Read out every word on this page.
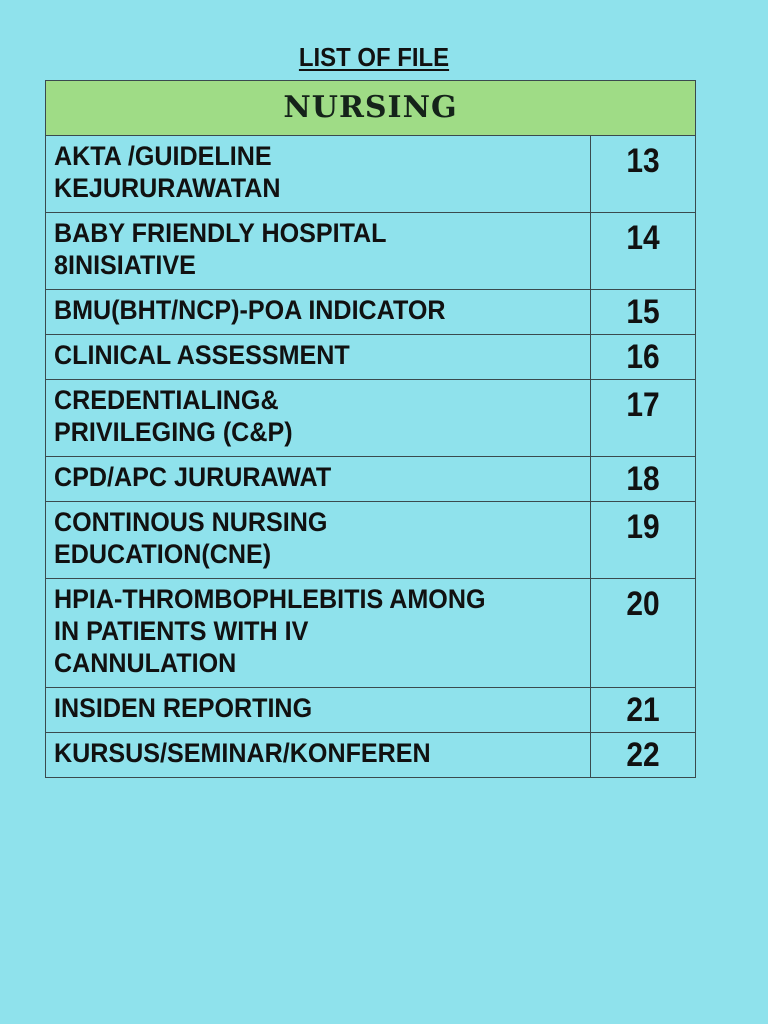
LIST OF FILE
NURSING	

AKTA /GUIDELINE
KEJURURAWATAN	13

BABY FRIENDLY HOSPITAL
8INISIATIVE	14

BMU(BHT/NCP)-POA INDICATOR	15

CLINICAL ASSESSMENT	16

CREDENTIALING&
PRIVILEGING (C&P)	17

CPD/APC JURURAWAT	18

CONTINOUS NURSING
EDUCATION(CNE)	19

HPIA-THROMBOPHLEBITIS AMONG
IN PATIENTS WITH IV
CANNULATION	20

INSIDEN REPORTING	21

KURSUS/SEMINAR/KONFEREN	22
